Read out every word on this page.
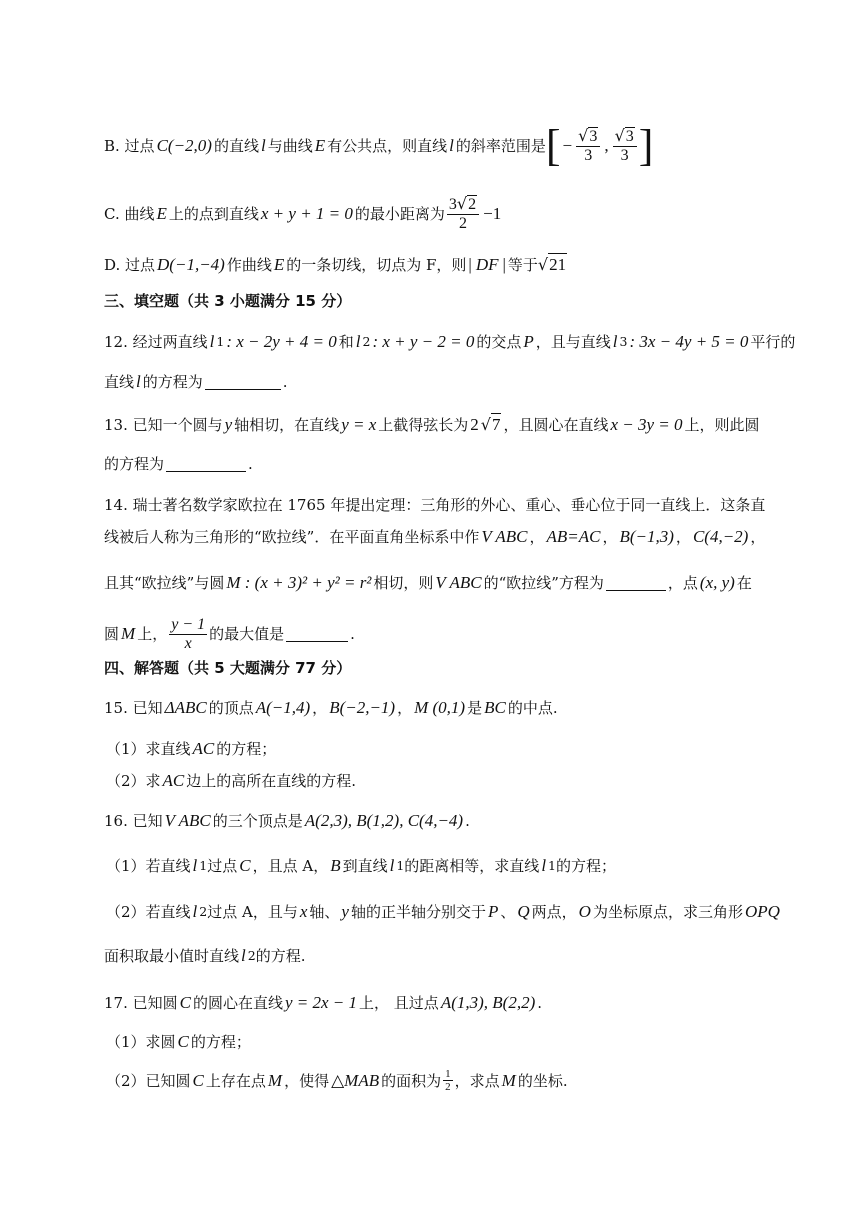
B. 过点 C(−2,0) 的直线 l 与曲线 E 有公共点，则直线 l 的斜率范围是 [ − $\frac{√3}{3}$ , $\frac{√3}{3}$ ]
C. 曲线 E 上的点到直线 x + y + 1 = 0 的最小距离为 $\frac{3√2}{2} -1$
D. 过点 D(−1,−4) 作曲线 E 的一条切线，切点为 F，则 | DF | 等于 √ 21
三、填空题（共 3 小题满分 15 分）
12. 经过两直线 l 1 : x − 2y + 4 = 0 和 l 2 : x + y − 2 = 0 的交点 P ，且与直线 l 3 : 3x − 4y + 5 = 0 平行的
直线 l 的方程为	.
13. 已知一个圆与 y 轴相切，在直线 y = x 上截得弦长为 2 √ 7 ，且圆心在直线 x − 3y = 0 上，则此圆
的方程为	.
14. 瑞士著名数学家欧拉在 1765 年提出定理：三角形的外心、重心、垂心位于同一直线上．这条直
线被后人称为三角形的“欧拉线”．在平面直角坐标系中作 V ABC ， AB=AC ， B(−1,3) ， C(4,−2) ，
且其“欧拉线”与圆 M : (x + 3)² + y² = r² 相切，则 V ABC 的“欧拉线”方程为	，点 (x, y) 在
圆 M 上， $\frac{y - 1}{x}$ 的最大值是	.
四、解答题（共 5 大题满分 77 分）
15. 已知 ΔABC 的顶点 A(−1,4) ， B(−2,−1) ， M (0,1) 是 BC 的中点.
（1）求直线 AC 的方程；
（2）求 AC 边上的高所在直线的方程.
16. 已知 V ABC 的三个顶点是 A(2,3), B(1,2), C(4,−4) .
（1）若直线 l 1 过点 C ，且点 A， B 到直线 l 1 的距离相等，求直线 l 1 的方程；
（2）若直线 l 2 过点 A，且与 x 轴、 y 轴的正半轴分别交于 P 、 Q 两点， O 为坐标原点，求三角形 OPQ
面积取最小值时直线 l 2 的方程.
17. 已知圆 C 的圆心在直线 y = 2x − 1 上， 且过点 A(1,3), B(2,2) .
（1）求圆 C 的方程；
（2）已知圆 C 上存在点 M ，使得 △MAB 的面积为 $\frac{1}{2}$ ，求点 M 的坐标.
